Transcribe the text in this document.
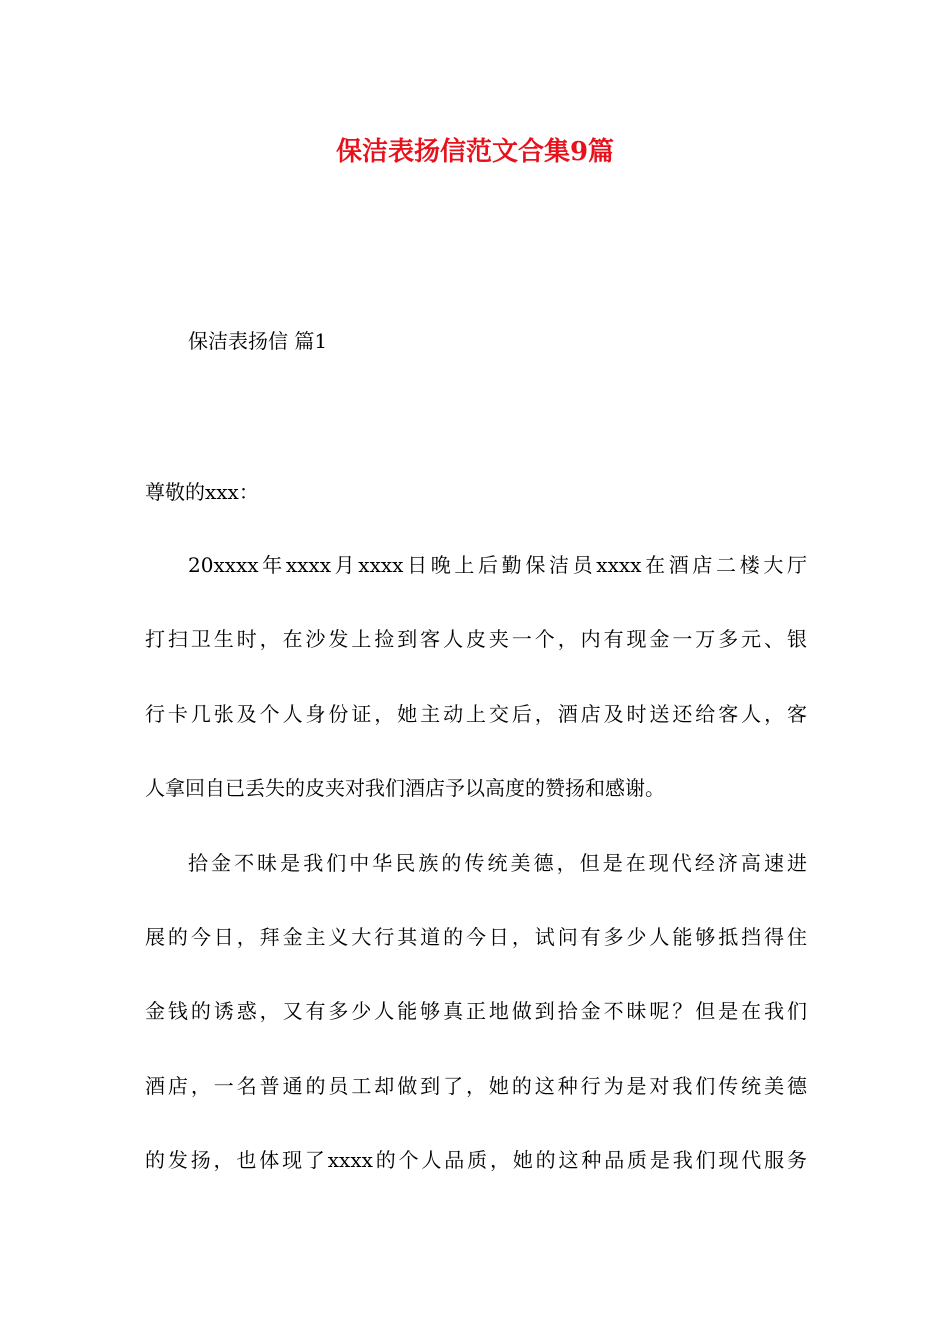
保洁表扬信范文合集9篇
保洁表扬信 篇1
尊敬的xxx：
20xxxx年xxxx月xxxx日晚上后勤保洁员xxxx在酒店二楼大厅
打扫卫生时，在沙发上捡到客人皮夹一个，内有现金一万多元、银
行卡几张及个人身份证，她主动上交后，酒店及时送还给客人，客
人拿回自已丢失的皮夹对我们酒店予以高度的赞扬和感谢。
拾金不昧是我们中华民族的传统美德，但是在现代经济高速进
展的今日，拜金主义大行其道的今日，试问有多少人能够抵挡得住
金钱的诱惑，又有多少人能够真正地做到拾金不昧呢？但是在我们
酒店，一名普通的员工却做到了，她的这种行为是对我们传统美德
的发扬，也体现了xxxx的个人品质，她的这种品质是我们现代服务
